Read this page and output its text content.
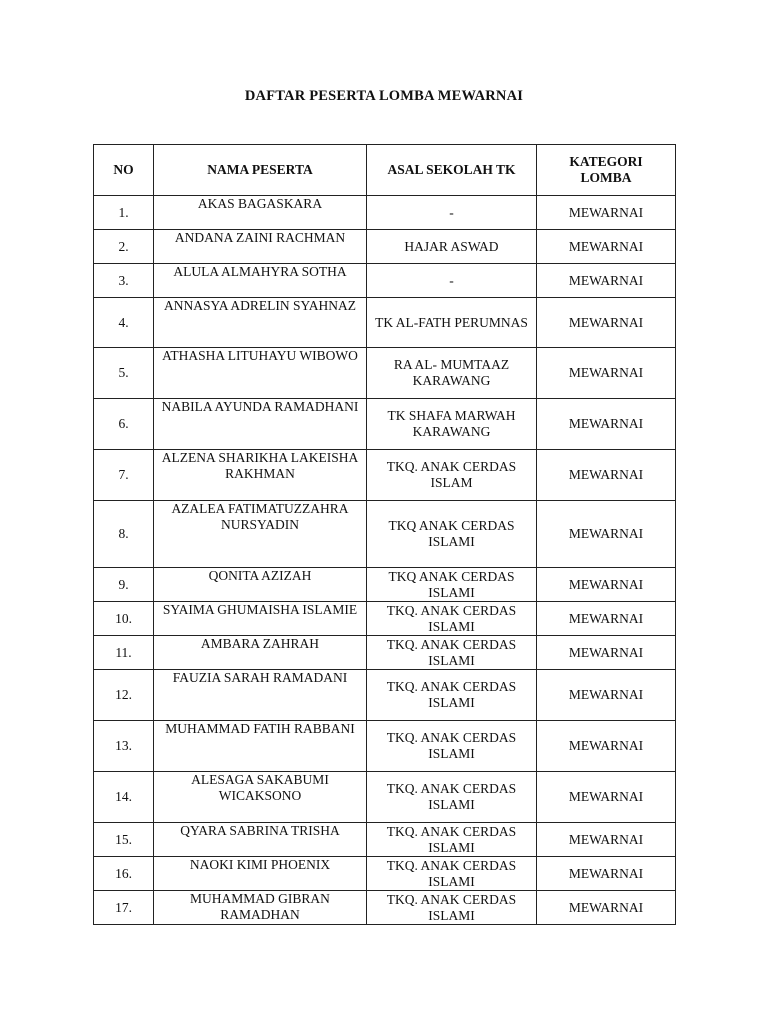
DAFTAR PESERTA LOMBA MEWARNAI
NO	NAMA PESERTA	ASAL SEKOLAH TK	KATEGORI LOMBA
1.	AKAS BAGASKARA	-	MEWARNAI
2.	ANDANA ZAINI RACHMAN	HAJAR ASWAD	MEWARNAI
3.	ALULA ALMAHYRA SOTHA	-	MEWARNAI
4.	ANNASYA ADRELIN SYAHNAZ	TK AL-FATH PERUMNAS	MEWARNAI
5.	ATHASHA LITUHAYU WIBOWO	RA AL- MUMTAAZ KARAWANG	MEWARNAI
6.	NABILA AYUNDA RAMADHANI	TK SHAFA MARWAH KARAWANG	MEWARNAI
7.	ALZENA SHARIKHA LAKEISHA RAKHMAN	TKQ. ANAK CERDAS ISLAM	MEWARNAI
8.	AZALEA FATIMATUZZAHRA NURSYADIN	TKQ ANAK CERDAS ISLAMI	MEWARNAI
9.	QONITA AZIZAH	TKQ ANAK CERDAS ISLAMI	MEWARNAI
10.	SYAIMA GHUMAISHA ISLAMIE	TKQ. ANAK CERDAS ISLAMI	MEWARNAI
11.	AMBARA ZAHRAH	TKQ. ANAK CERDAS ISLAMI	MEWARNAI
12.	FAUZIA SARAH RAMADANI	TKQ. ANAK CERDAS ISLAMI	MEWARNAI
13.	MUHAMMAD FATIH RABBANI	TKQ. ANAK CERDAS ISLAMI	MEWARNAI
14.	ALESAGA SAKABUMI WICAKSONO	TKQ. ANAK CERDAS ISLAMI	MEWARNAI
15.	QYARA SABRINA TRISHA	TKQ. ANAK CERDAS ISLAMI	MEWARNAI
16.	NAOKI KIMI PHOENIX	TKQ. ANAK CERDAS ISLAMI	MEWARNAI
17.	MUHAMMAD GIBRAN RAMADHAN	TKQ. ANAK CERDAS ISLAMI	MEWARNAI
